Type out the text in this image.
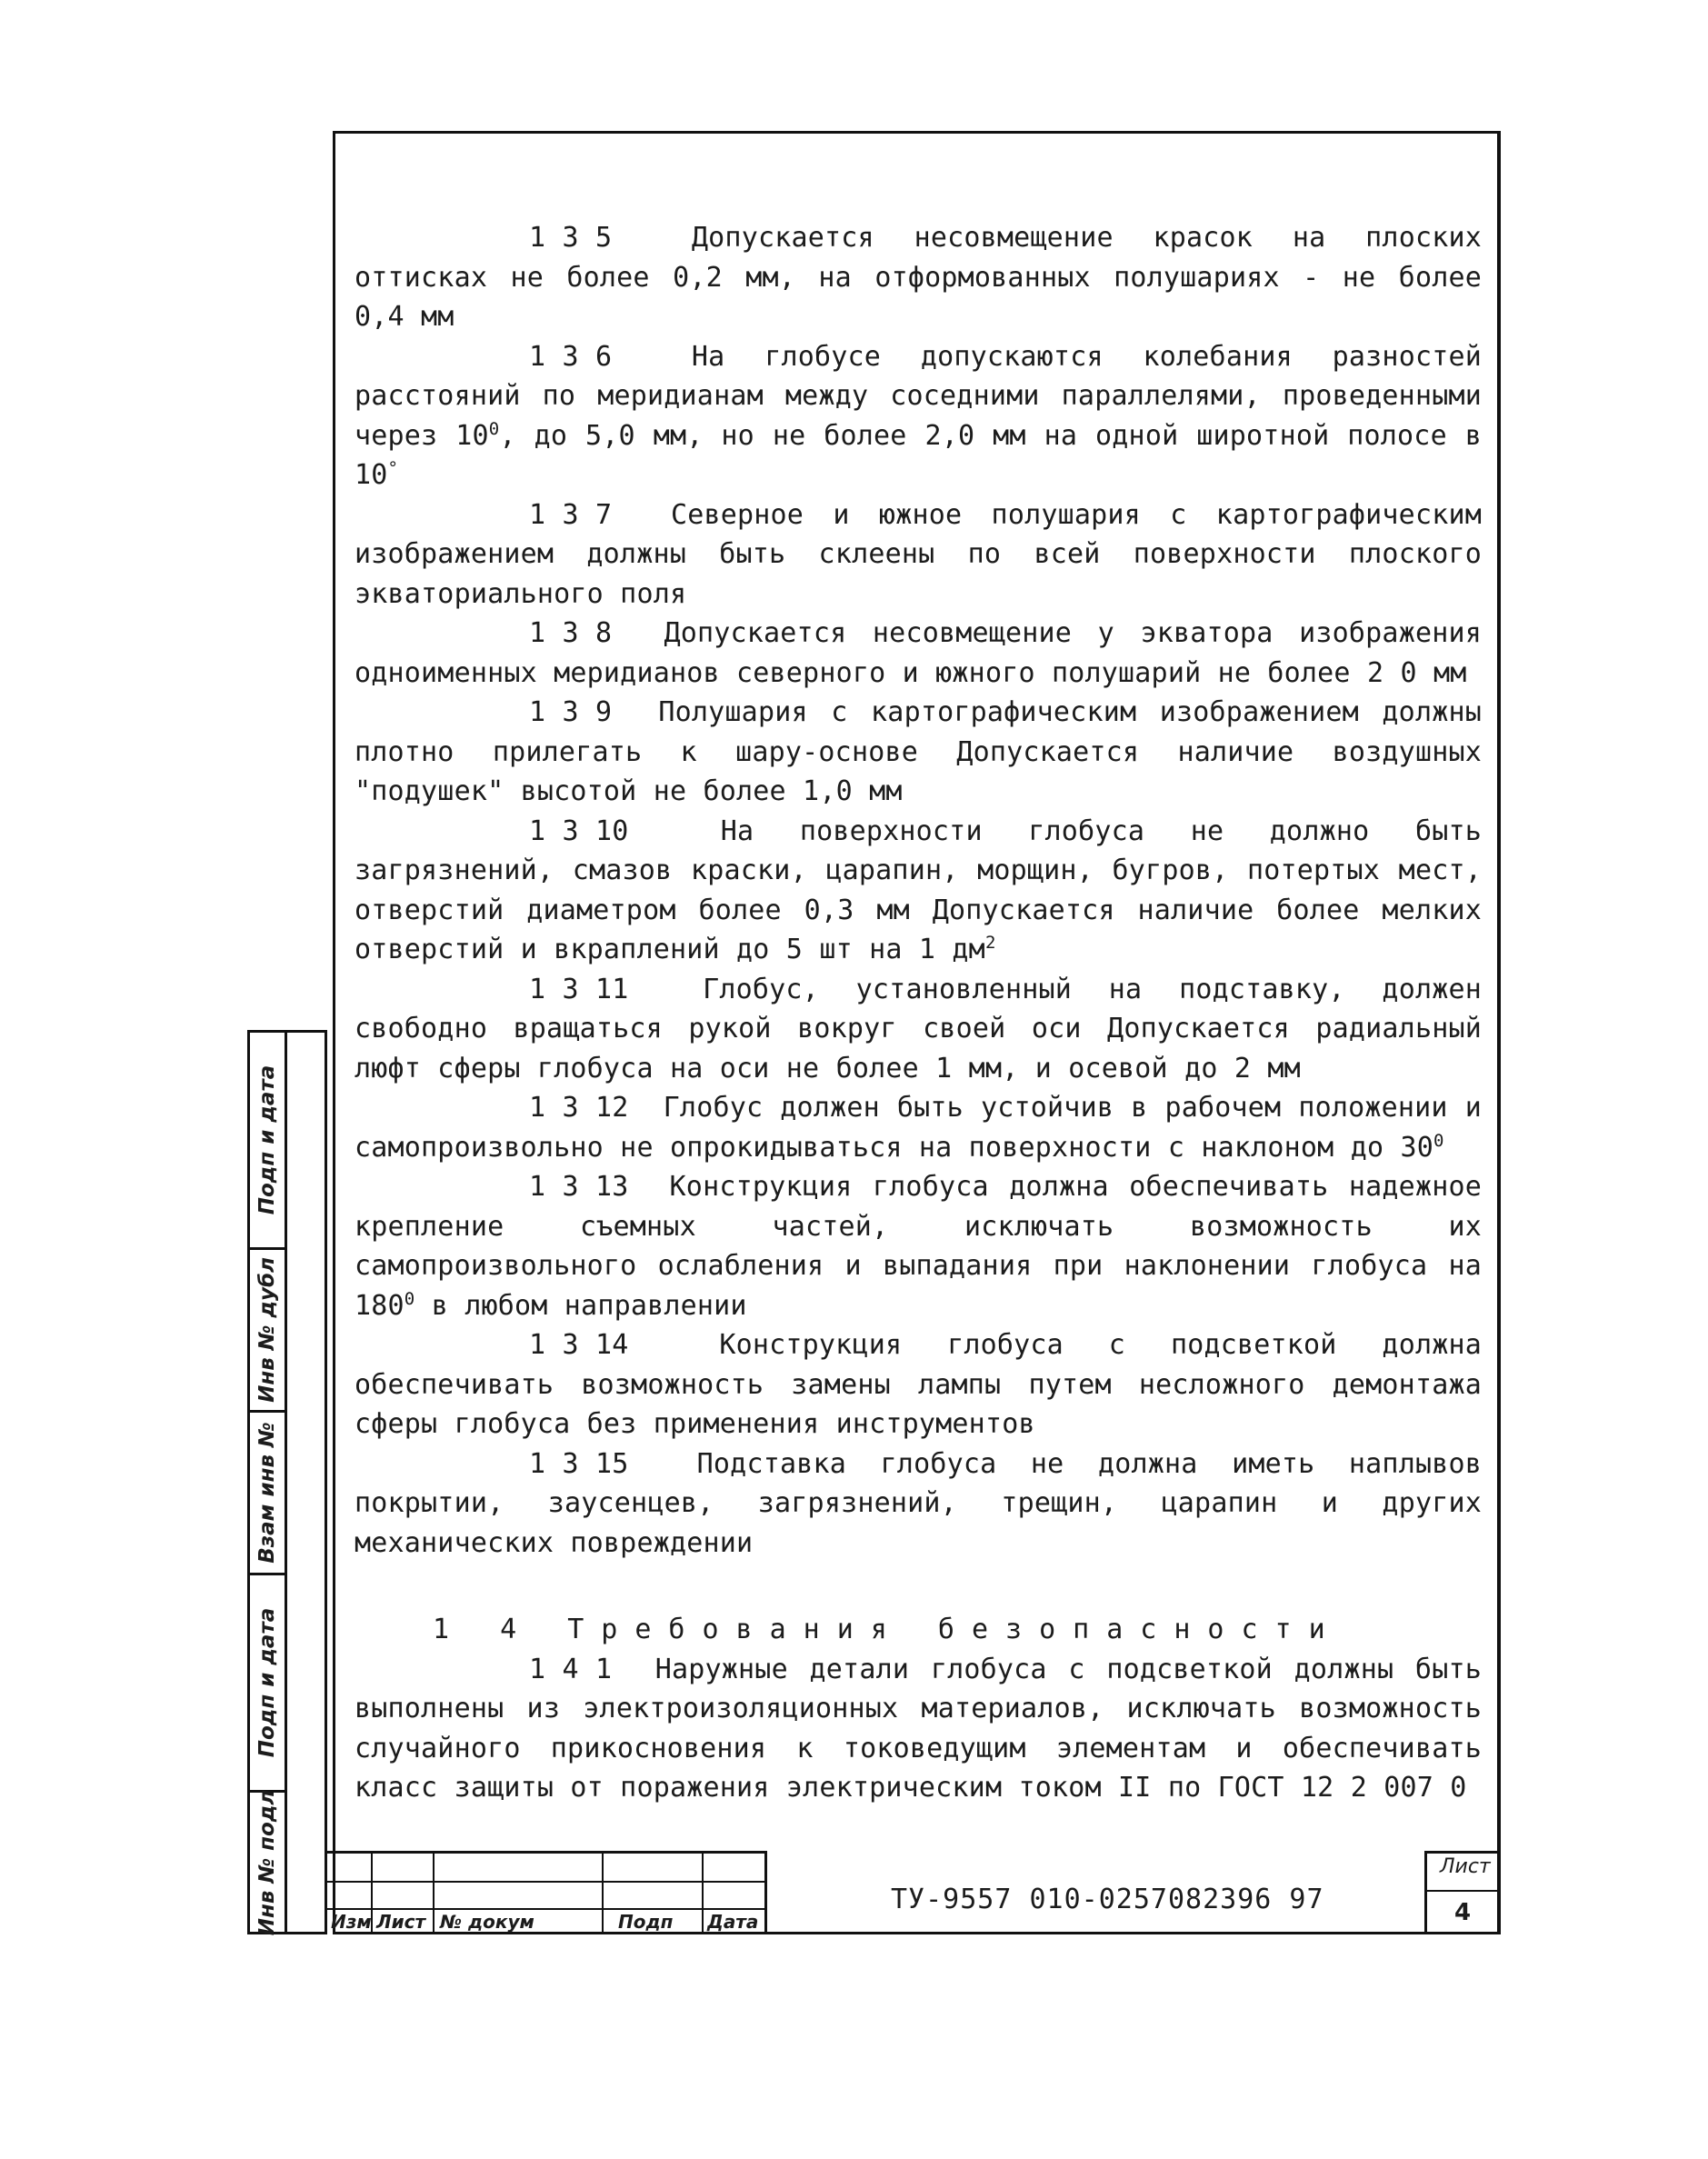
1 3 5	Допускается несовмещение красок на плоских оттисках не более 0,2 мм, на отформованных полушариях - не более 0,4 мм

1 3 6	На глобусе допускаются колебания разностей расстояний по меридианам между соседними параллелями, проведенными через $10^0$, до 5,0 мм, но не более 2,0 мм на одной широтной полосе в 10°

1 3 7 Северное и южное полушария с картографическим изображением должны быть склеены по всей поверхности плоского экваториального поля

1 3 8 Допускается несовмещение у экватора изображения одноименных меридианов северного и южного полушарий не более 2 0 мм

1 3 9 Полушария с картографическим изображением должны плотно прилегать к шару-основе Допускается наличие воздушных "подушек" высотой не более 1,0 мм

1 3 10	На поверхности глобуса не должно быть загрязнений, смазов краски, царапин, морщин, бугров, потертых мест, отверстий диаметром более 0,3 мм Допускается наличие более мелких отверстий и вкраплений до 5 шт на 1 $дм^2$

1 3 11	Глобус, установленный на подставку, должен свободно вращаться рукой вокруг своей оси Допускается радиальный люфт сферы глобуса на оси не более 1 мм, и осевой до 2 мм

1 3 12 Глобус должен быть устойчив в рабочем положении и самопроизвольно не опрокидываться на поверхности с наклоном до $30^0$

1 3 13 Конструкция глобуса должна обеспечивать надежное крепление съемных частей, исключать возможность их самопроизвольного ослабления и выпадания при наклонении глобуса на $180^0$ в любом направлении

1 3 14	Конструкция глобуса с подсветкой должна обеспечивать возможность замены лампы путем несложного демонтажа сферы глобуса без применения инструментов

1 3 15	Подставка глобуса не должна иметь наплывов покрытии, заусенцев, загрязнений, трещин, царапин и других механических повреждении

1 4 Требования безопасности

1 4 1 Наружные детали глобуса с подсветкой должны быть выполнены из электроизоляционных материалов, исключать возможность случайного прикосновения к токоведущим элементам и обеспечивать класс защиты от поражения электрическим током II по ГОСТ 12 2 007 0

Подп и дата
Инв № дубл
Взам инв №
Подп и дата
Инв № подл	Изм Лист № докум	Подп Дата
ТУ-9557 010-0257082396 97
Лист
4
